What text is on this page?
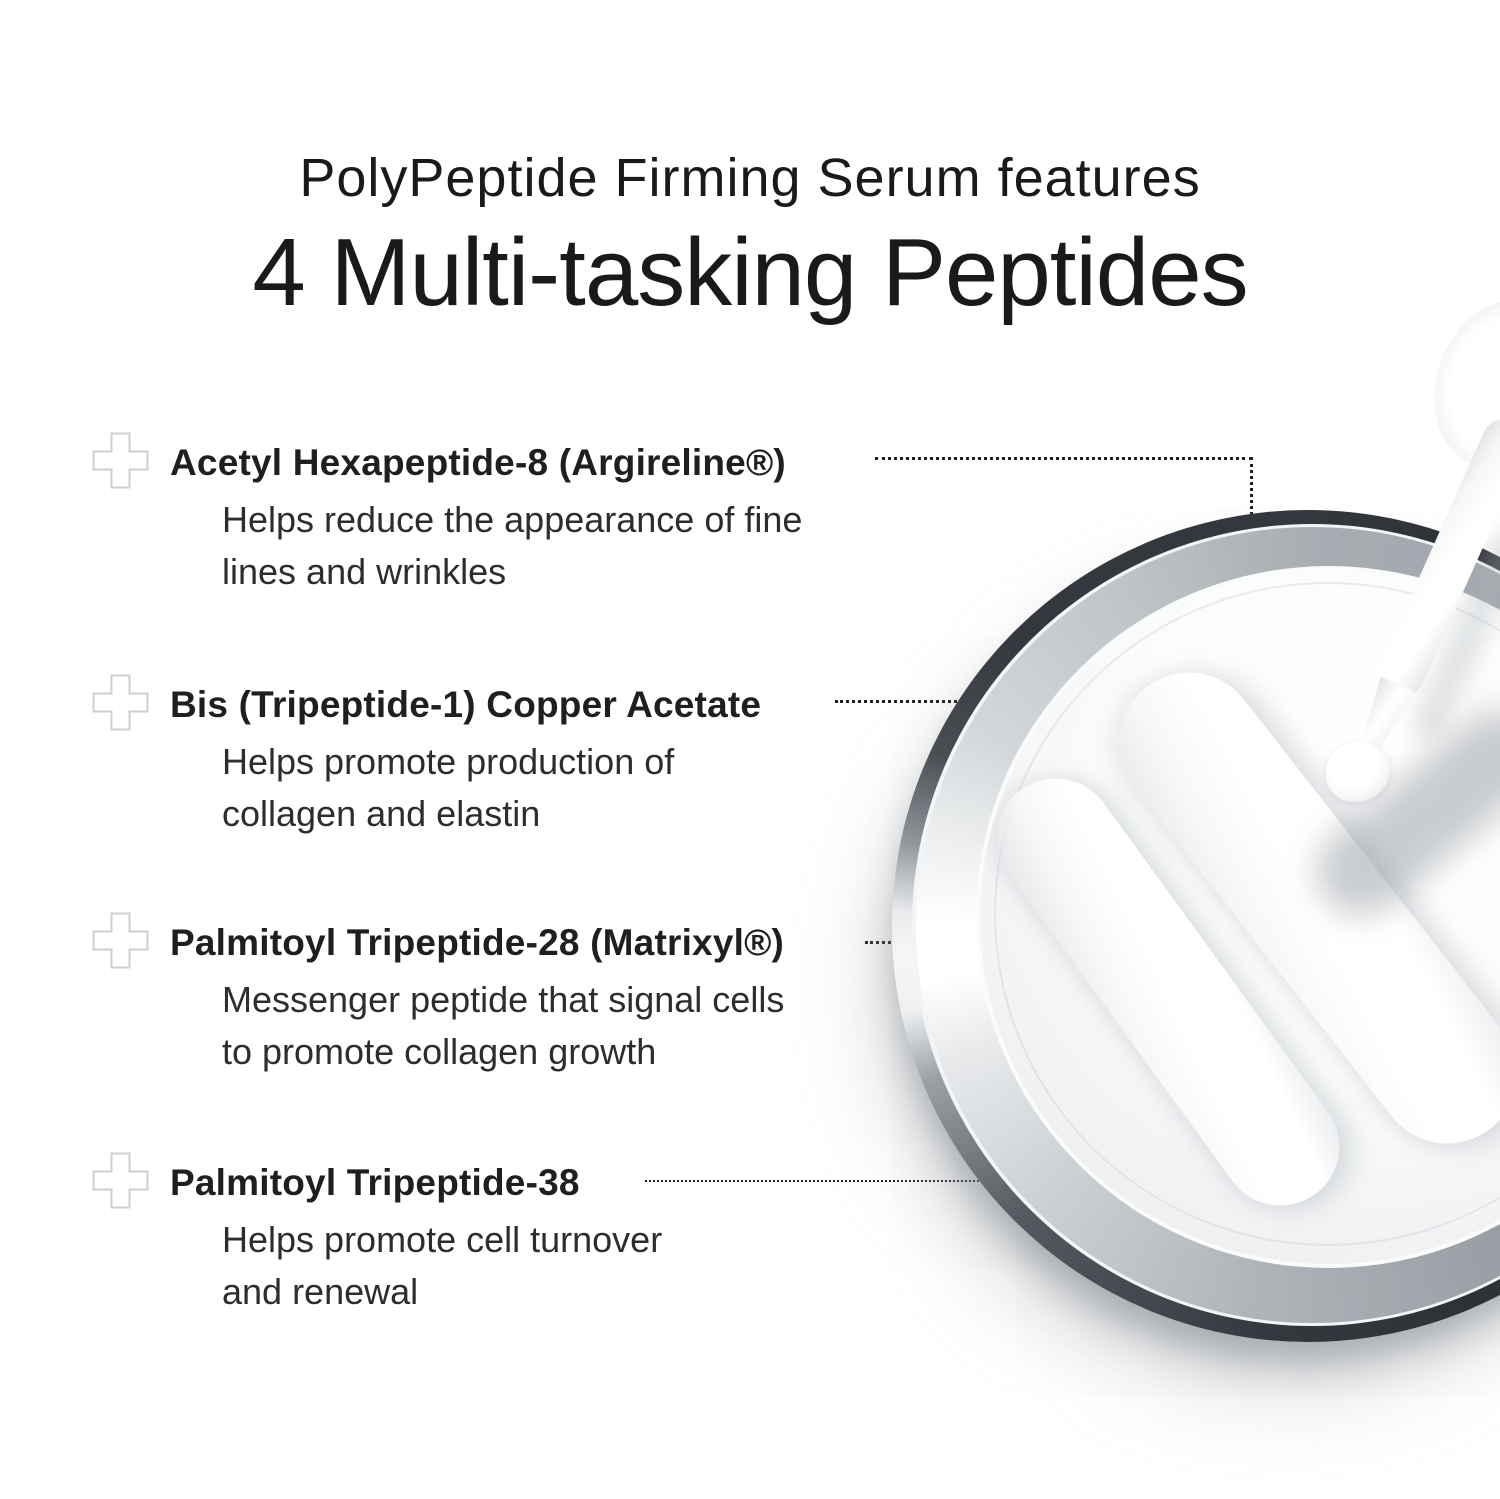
PolyPeptide Firming Serum features
4 Multi-tasking Peptides
Acetyl Hexapeptide-8 (Argireline®)
Helps reduce the appearance of fine
lines and wrinkles
Bis (Tripeptide-1) Copper Acetate
Helps promote production of
collagen and elastin
Palmitoyl Tripeptide-28 (Matrixyl®)
Messenger peptide that signal cells
to promote collagen growth
Palmitoyl Tripeptide-38
Helps promote cell turnover
and renewal
